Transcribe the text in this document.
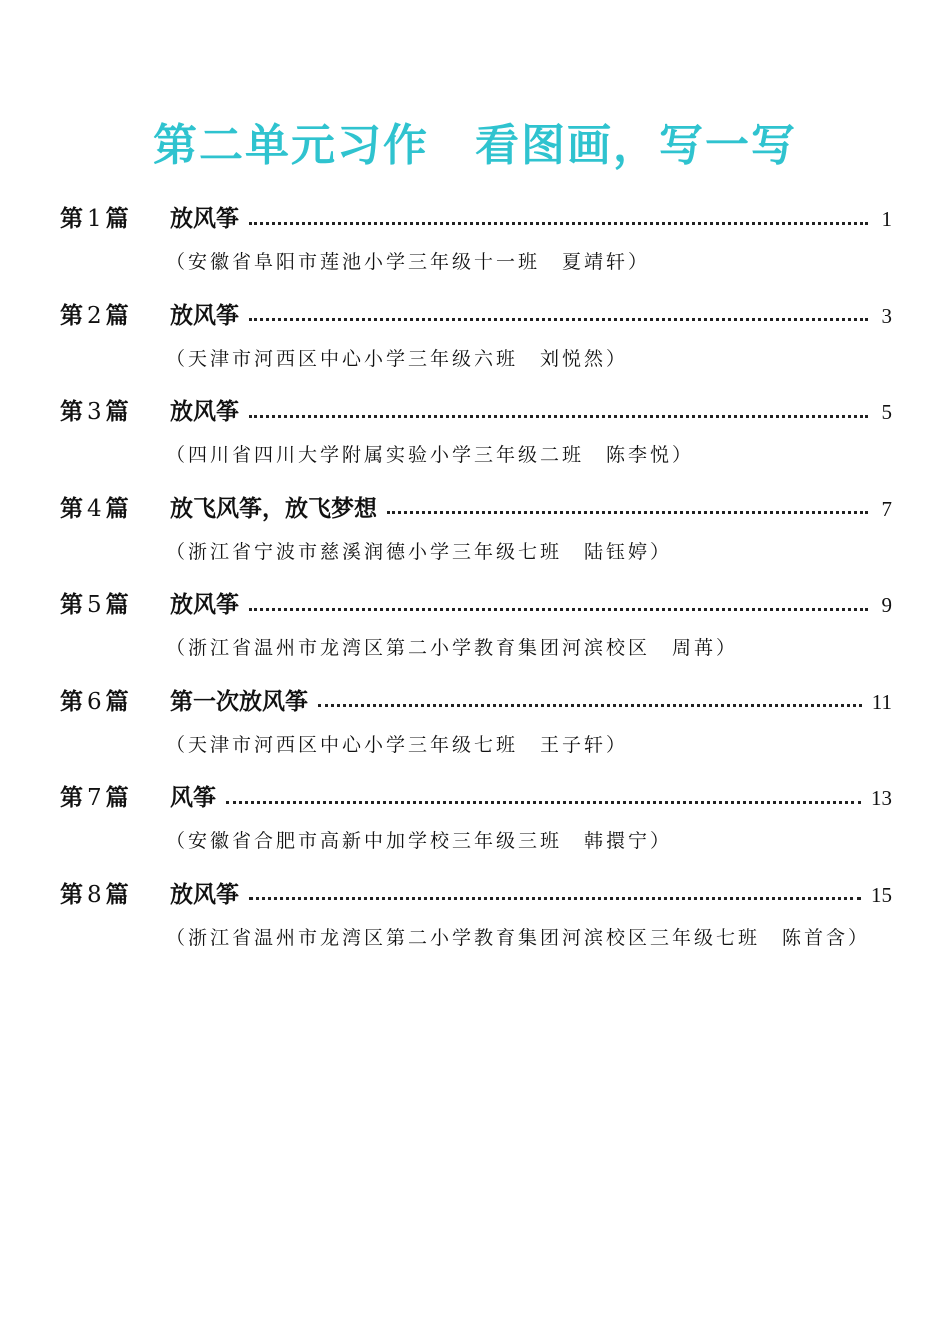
第二单元习作　看图画，写一写
第 1 篇	放风筝	1
（安徽省阜阳市莲池小学三年级十一班　夏靖轩）
第 2 篇	放风筝	3
（天津市河西区中心小学三年级六班　刘悦然）
第 3 篇	放风筝	5
（四川省四川大学附属实验小学三年级二班　陈李悦）
第 4 篇	放飞风筝，放飞梦想	7
（浙江省宁波市慈溪润德小学三年级七班　陆钰婷）
第 5 篇	放风筝	9
（浙江省温州市龙湾区第二小学教育集团河滨校区　周苒）
第 6 篇	第一次放风筝	11
（天津市河西区中心小学三年级七班　王子轩）
第 7 篇	风筝	13
（安徽省合肥市高新中加学校三年级三班　韩擐宁）
第 8 篇	放风筝	15
（浙江省温州市龙湾区第二小学教育集团河滨校区三年级七班　陈首含）
